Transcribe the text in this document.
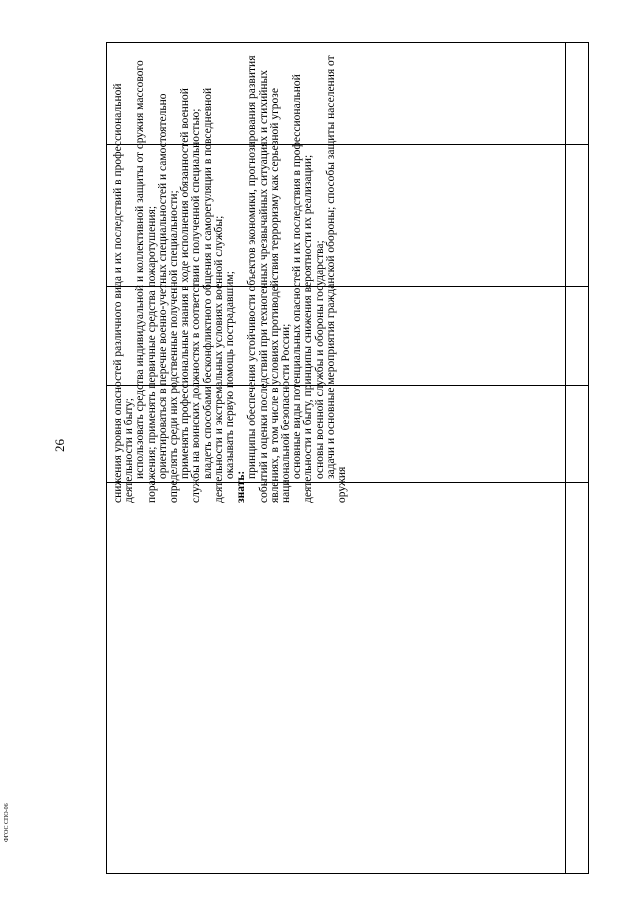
26	снижения уровня опасностей различного вида и их последствий в профессиональной деятельности и быту; использовать средства индивидуальной и коллективной защиты от оружия массового поражения; применять первичные средства пожаротушения; ориентироваться в перечне военно-учетных специальностей и самостоятельно определять среди них родственные полученной специальности; применять профессиональные знания в ходе исполнения обязанностей военной службы на воинских должностях в соответствии с полученной специальностью; владеть способами бесконфликтного общения и саморегуляции в повседневной деятельности и экстремальных условиях военной службы; оказывать первую помощь пострадавшим;

знать:

принципы обеспечения устойчивости объектов экономики, прогнозирования развития событий и оценки последствий при техногенных чрезвычайных ситуациях и стихийных явлениях, в том числе в условиях противодействия терроризму как серьезной угрозе национальной безопасности России; основные виды потенциальных опасностей и их последствия в профессиональной деятельности и быту, принципы снижения вероятности их реализации; основы военной службы и обороны государства; задачи и основные мероприятия гражданской обороны; способы защиты населения от оружия

ФГОС СПО-06
